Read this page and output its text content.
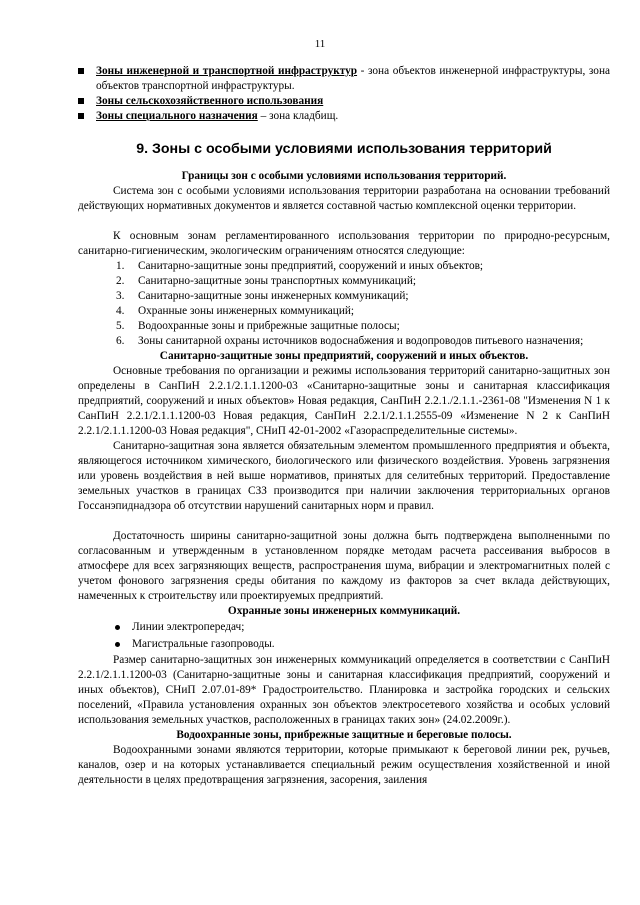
11
Зоны инженерной и транспортной инфраструктур - зона объектов инженерной инфраструктуры, зона объектов транспортной инфраструктуры.
Зоны сельскохозяйственного использования
Зоны специального назначения – зона кладбищ.
9. Зоны с особыми условиями использования территорий
Границы зон с особыми условиями использования территорий.

Система зон с особыми условиями использования территории разработана на основании требований действующих нормативных документов и является составной частью комплексной оценки территории.

К основным зонам регламентированного использования территории по природно-ресурсным, санитарно-гигиеническим, экологическим ограничениям относятся следующие:

1. Санитарно-защитные зоны предприятий, сооружений и иных объектов;
2. Санитарно-защитные зоны транспортных коммуникаций;
3. Санитарно-защитные зоны инженерных коммуникаций;
4. Охранные зоны инженерных коммуникаций;
5. Водоохранные зоны и прибрежные защитные полосы;
6. Зоны санитарной охраны источников водоснабжения и водопроводов питьевого назначения;
Санитарно-защитные зоны предприятий, сооружений и иных объектов.

Основные требования по организации и режимы использования территорий санитарно-защитных зон определены в СанПиН 2.2.1/2.1.1.1200-03 «Санитарно-защитные зоны и санитарная классификация предприятий, сооружений и иных объектов» Новая редакция, СанПиН 2.2.1./2.1.1.-2361-08 "Изменения N 1 к СанПиН 2.2.1/2.1.1.1200-03 Новая редакция, СанПиН 2.2.1/2.1.1.2555-09 «Изменение N 2 к СанПиН 2.2.1/2.1.1.1200-03 Новая редакция", СНиП 42-01-2002 «Газораспределительные системы».

Санитарно-защитная зона является обязательным элементом промышленного предприятия и объекта, являющегося источником химического, биологического или физического воздействия. Уровень загрязнения или уровень воздействия в ней выше нормативов, принятых для селитебных территорий. Предоставление земельных участков в границах СЗЗ производится при наличии заключения территориальных органов Госсанэпиднадзора об отсутствии нарушений санитарных норм и правил.

Достаточность ширины санитарно-защитной зоны должна быть подтверждена выполненными по согласованным и утвержденным в установленном порядке методам расчета рассеивания выбросов в атмосфере для всех загрязняющих веществ, распространения шума, вибрации и электромагнитных полей с учетом фонового загрязнения среды обитания по каждому из факторов за счет вклада действующих, намеченных к строительству или проектируемых предприятий.

Охранные зоны инженерных коммуникаций.
Линии электропередач;
Магистральные газопроводы.

Размер санитарно-защитных зон инженерных коммуникаций определяется в соответствии с СанПиН 2.2.1/2.1.1.1200-03 (Санитарно-защитные зоны и санитарная классификация предприятий, сооружений и иных объектов), СНиП 2.07.01-89* Градостроительство. Планировка и застройка городских и сельских поселений, «Правила установления охранных зон объектов электросетевого хозяйства и особых условий использования земельных участков, расположенных в границах таких зон» (24.02.2009г.).

Водоохранные зоны, прибрежные защитные и береговые полосы.

Водоохранными зонами являются территории, которые примыкают к береговой линии рек, ручьев, каналов, озер и на которых устанавливается специальный режим осуществления хозяйственной и иной деятельности в целях предотвращения загрязнения, засорения, заиления
